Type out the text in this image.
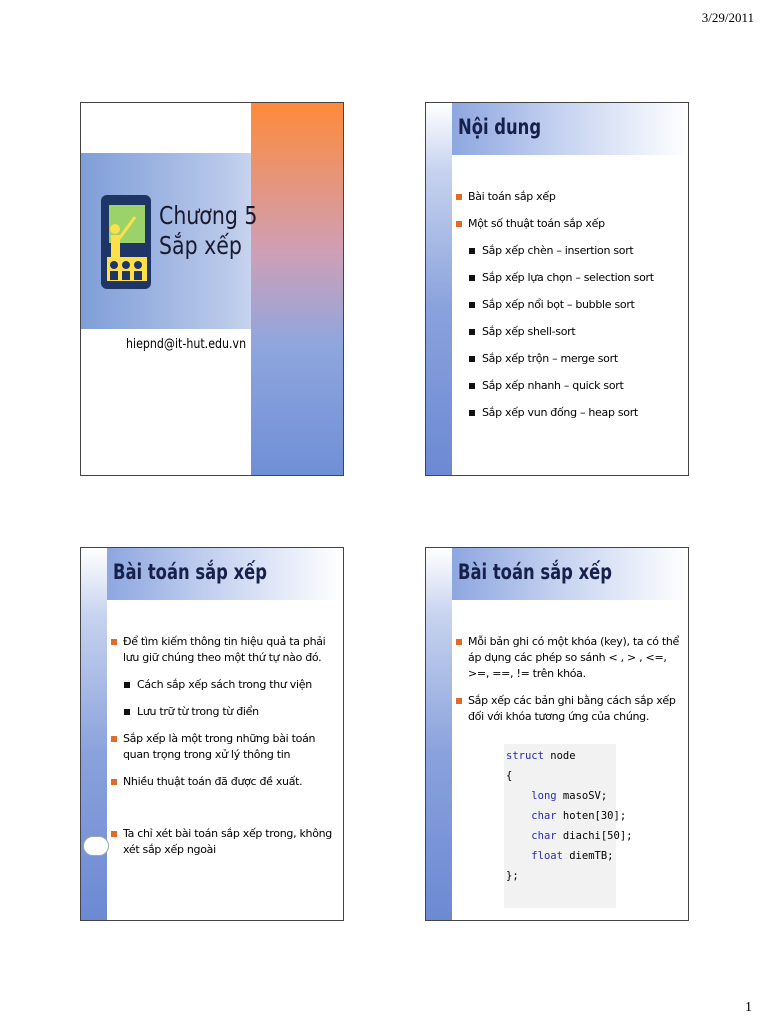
3/29/2011
1
Chương 5
Sắp xếp
hiepnd@it-hut.edu.vn
Nội dung
Bài toán sắp xếp
Một số thuật toán sắp xếp
Sắp xếp chèn – insertion sort
Sắp xếp lựa chọn – selection sort
Sắp xếp nổi bọt – bubble sort
Sắp xếp shell-sort
Sắp xếp trộn – merge sort
Sắp xếp nhanh – quick sort
Sắp xếp vun đống – heap sort
Bài toán sắp xếp
Để tìm kiếm thông tin hiệu quả ta phải lưu giữ chúng theo một thứ tự nào đó.
Cách sắp xếp sách trong thư viện
Lưu trữ từ trong từ điển
Sắp xếp là một trong những bài toán quan trọng trong xử lý thông tin
Nhiều thuật toán đã được đề xuất.
Ta chỉ xét bài toán sắp xếp trong, không xét sắp xếp ngoài
Bài toán sắp xếp
Mỗi bản ghi có một khóa (key), ta có thể áp dụng các phép so sánh < , > , <=, >=, ==, != trên khóa.
Sắp xếp các bản ghi bằng cách sắp xếp đối với khóa tương ứng của chúng.
struct node
{
long masoSV;
char hoten[30];
char diachi[50];
float diemTB;
};
